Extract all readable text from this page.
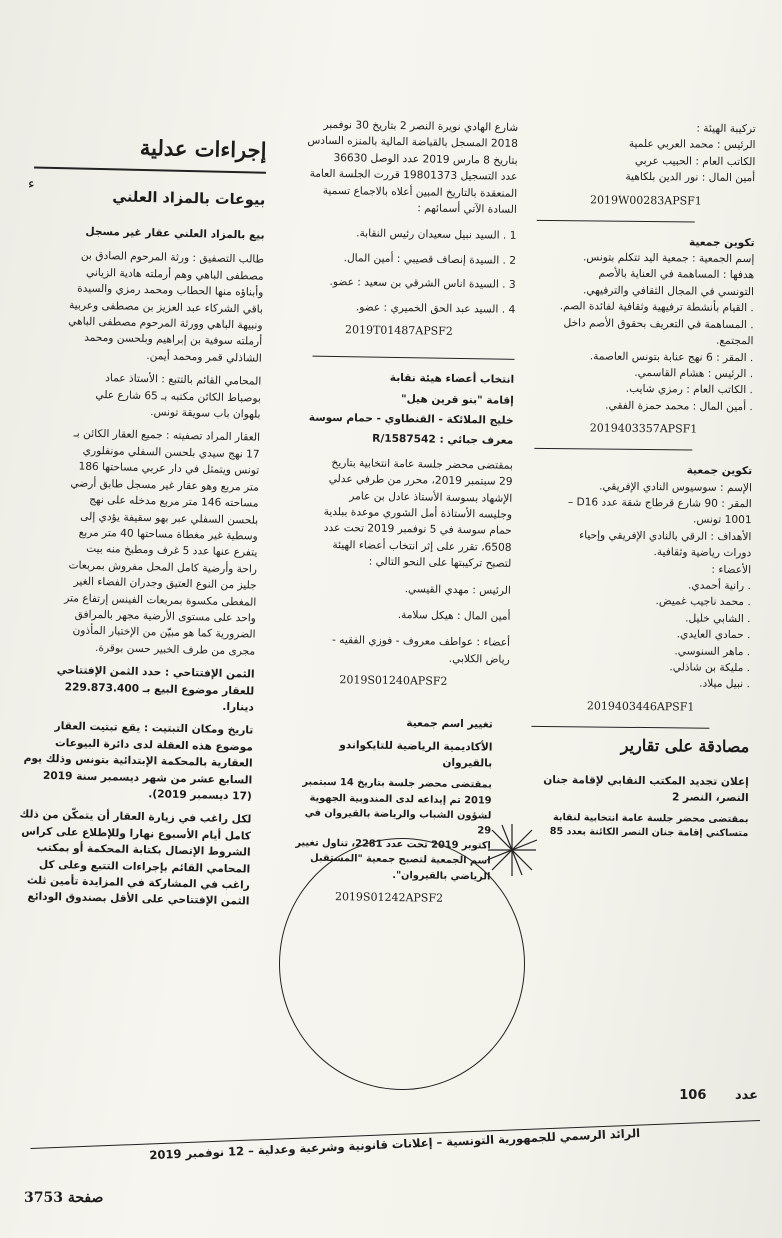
ء
تركيبة الهيئة :
الرئيس : محمد العربي علمية
الكاتب العام : الحبيب عربي
أمين المال : نور الدين بلكاهية
2019W00283APSF1
تكوين جمعية
إسم الجمعية : جمعية اليد تتكلم بتونس.
هدفها : المساهمة في العناية بالأصم
التونسي في المجال الثقافي والترفيهي.
. القيام بأنشطة ترفيهية وثقافية لفائدة الصم.
. المساهمة في التعريف بحقوق الأصم داخل
المجتمع.
. المقر : 6 نهج عنابة بتونس العاصمة.
. الرئيس : هشام القاسمي.
. الكاتب العام : رمزي شايب.
. أمين المال : محمد حمزة الفقي.
2019403357APSF1
تكوين جمعية
الإسم : سوسيوس النادي الإفريقي.
المقر : 90 شارع قرطاج شقة عدد D16 –
1001 تونس.
الأهداف : الرقي بالنادي الإفريقي وإحياء
دورات رياضية وثقافية.
الأعضاء :
. رانية أحمدي.
. محمد ناجيب غميض.
. الشابي خليل.
. حمادي العايدي.
. ماهر السنوسي.
. مليكة بن شاذلي.
. نبيل ميلاد.
2019403446APSF1
مصادقة على تقارير
إعلان تجديد المكتب النقابي لإقامة جنان
النصر، النصر 2
بمقتضى محضر جلسة عامة انتخابية لنقابة
متساكني إقامة جنان النصر الكائنة بعدد 85
شارع الهادي نويرة النصر 2 بتاريخ 30 نوفمبر
2018 المسجل بالقباضة المالية بالمنزه السادس
بتاريخ 8 مارس 2019 عدد الوصل 36630
عدد التسجيل 19801373 قررت الجلسة العامة
المنعقدة بالتاريخ المبين أعلاه بالاجماع تسمية
السادة الآتي أسمائهم :
1 . السيد نبيل سعيدان رئيس النقابة.
2 . السيدة إنصاف قصيبي : أمين المال.
3 . السيدة اناس الشرقي بن سعيد : عضو.
4 . السيد عبد الحق الخميري : عضو.
2019T01487APSF2
انتخاب أعضاء هيئة نقابة
إقامة "بنو قرين هيل"
خليج الملائكة - القنطاوي - حمام سوسة
معرف جبائي : 1587542/R
بمقتضى محضر جلسة عامة انتخابية بتاريخ
29 سبتمبر 2019، محرر من طرفي عدلي
الإشهاد بسوسة الأستاذ عادل بن عامر
وجليسه الأستاذة أمل الشوري موعدة ببلدية
حمام سوسة في 5 نوفمبر 2019 تحت عدد
6508، تقرر على إثر انتخاب أعضاء الهيئة
لتصبح تركيبتها على النحو التالي :
الرئيس : مهدي القيسي.
أمين المال : هيكل سلامة.
أعضاء : عواطف معروف - فوزي الفقيه -
رياض الكلابي.
2019S01240APSF2
تغيير اسم جمعية
الأكاديمية الرياضية للتايكواندو بالقيروان
بمقتضى محضر جلسة بتاريخ 14 سبتمبر
2019 تم إيداعه لدى المندوبية الجهوية
لشؤون الشباب والرياضة بالقيروان في 29
اكتوبر 2019 تحت عدد 2281، تناول تغيير
اسم الجمعية لتصبح جمعية "المستقبل
الرياضي بالقيروان".
2019S01242APSF2
إجراءات عدلية
بيوعات بالمزاد العلني
بيع بالمزاد العلني عقار غير مسجل

طالب التصفيق : ورثة المرحوم الصادق بن
مصطفى الباهي وهم أرملته هادية الزياني
وأبناؤه منها الحطاب ومحمد رمزي والسيدة
باقي الشركاء عبد العزيز بن مصطفى وعربية
ونبيهة الباهي وورثة المرحوم مصطفى الباهي
أرملته سوفية بن إبراهيم وبلحسن ومحمد
الشاذلي قمر ومحمد أيمن.

المحامي القائم بالتتبع : الأستاذ عماد
بوصباط الكائن مكتبه بـ 65 شارع علي
بلهوان باب سويقة تونس.

العقار المراد تصفيته : جميع العقار الكائن بـ
17 نهج سيدي بلحسن السفلي مونفلوري
تونس ويتمثل في دار عربي مساحتها 186
متر مربع وهو عقار غير مسجل طابق أرضي
مساحته 146 متر مربع مدخله على نهج
بلحسن السفلي عبر بهو سقيفة يؤدي إلى
وسطية غير مغطاة مساحتها 40 متر مربع
يتفرع عنها عدد 5 غرف ومطبخ منه بيت
راحة وأرضية كامل المحل مفروش بمربعات
جليز من النوع العتيق وجدران الفضاء الغير
المغطى مكسوة بمربعات الفينس إرتفاع متر
واحد على مستوى الأرضية مجهر بالمرافق
الضرورية كما هو مبيّن من الإختبار المأذون
مجرى من طرف الخبير حسن بوقرة.

الثمن الإفتتاحي : حدد الثمن الإفتتاحي
للعقار موضوع البيع بـ 229.873.400
دينارا.

تاريخ ومكان التبتيت : يقع تبتيت العقار
موضوع هذه العقلة لدى دائرة البيوعات
العقارية بالمحكمة الإبتدائية بتونس وذلك يوم
السابع عشر من شهر ديسمبر سنة 2019
(17 ديسمبر 2019).

لكل راغب في زيارة العقار أن يتمكّن من ذلك
كامل أيام الأسبوع نهارا وللإطلاع على كراس
الشروط الإتصال بكتابة المحكمة أو بمكتب
المحامي القائم بإجراءات التتبع وعلى كل
راغب في المشاركة في المزايدة تأمين ثلث
الثمن الإفتتاحي على الأقل بصندوق الودائع

عدد 106
الرائد الرسمي للجمهورية التونسية – إعلانات قانونية وشرعية وعدلية – 12 نوفمبر 2019
صفحة 3753
